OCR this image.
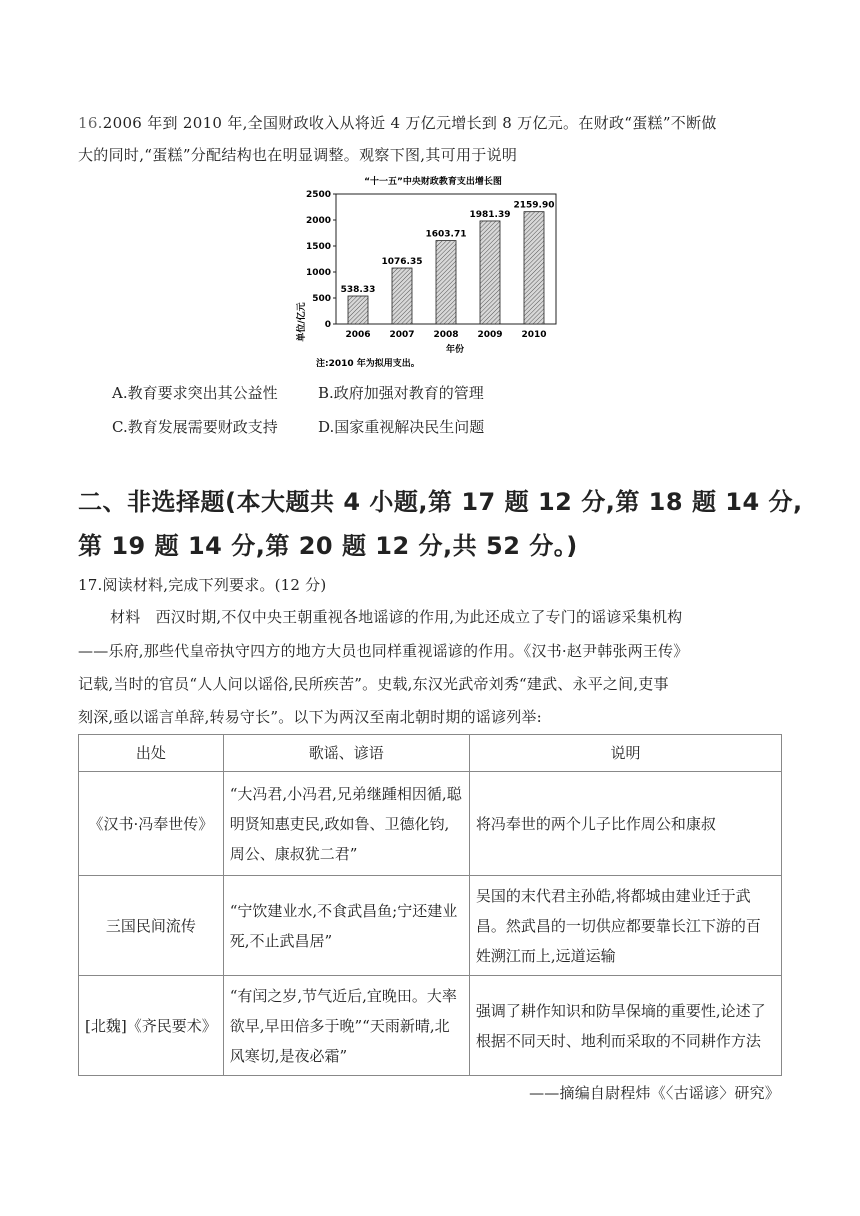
16.2006 年到 2010 年,全国财政收入从将近 4 万亿元增长到 8 万亿元。在财政“蛋糕”不断做
大的同时,“蛋糕”分配结构也在明显调整。观察下图,其可用于说明
“十一五”中央财政教育支出增长图
单位/亿元 0
500
1000
1500
2000
2500
538.33
2006
1076.35
2007
1603.71
2008
1981.39
2009
2159.90
2010
年份
注:2010 年为拟用支出。
A.教育要求突出其公益性	B.政府加强对教育的管理
C.教育发展需要财政支持	D.国家重视解决民生问题
二、非选择题(本大题共 4 小题,第 17 题 12 分,第 18 题 14 分,
第 19 题 14 分,第 20 题 12 分,共 52 分。)
17.阅读材料,完成下列要求。(12 分)
材料　西汉时期,不仅中央王朝重视各地谣谚的作用,为此还成立了专门的谣谚采集机构
——乐府,那些代皇帝执守四方的地方大员也同样重视谣谚的作用。《汉书·赵尹韩张两王传》
记载,当时的官员“人人问以谣俗,民所疾苦”。史载,东汉光武帝刘秀“建武、永平之间,吏事
刻深,亟以谣言单辞,转易守长”。以下为两汉至南北朝时期的谣谚列举:
出处	歌谣、谚语	说明
《汉书·冯奉世传》	“大冯君,小冯君,兄弟继踵相因循,聪明贤知惠吏民,政如鲁、卫德化钧,周公、康叔犹二君”	将冯奉世的两个儿子比作周公和康叔
三国民间流传	“宁饮建业水,不食武昌鱼;宁还建业死,不止武昌居”	吴国的末代君主孙皓,将都城由建业迁于武昌。然武昌的一切供应都要靠长江下游的百姓溯江而上,远道运输
[北魏]《齐民要术》	“有闰之岁,节气近后,宜晚田。大率欲早,早田倍多于晚”“天雨新晴,北风寒切,是夜必霜”	强调了耕作知识和防旱保墒的重要性,论述了根据不同天时、地利而采取的不同耕作方法
——摘编自尉程炜《〈古谣谚〉研究》
